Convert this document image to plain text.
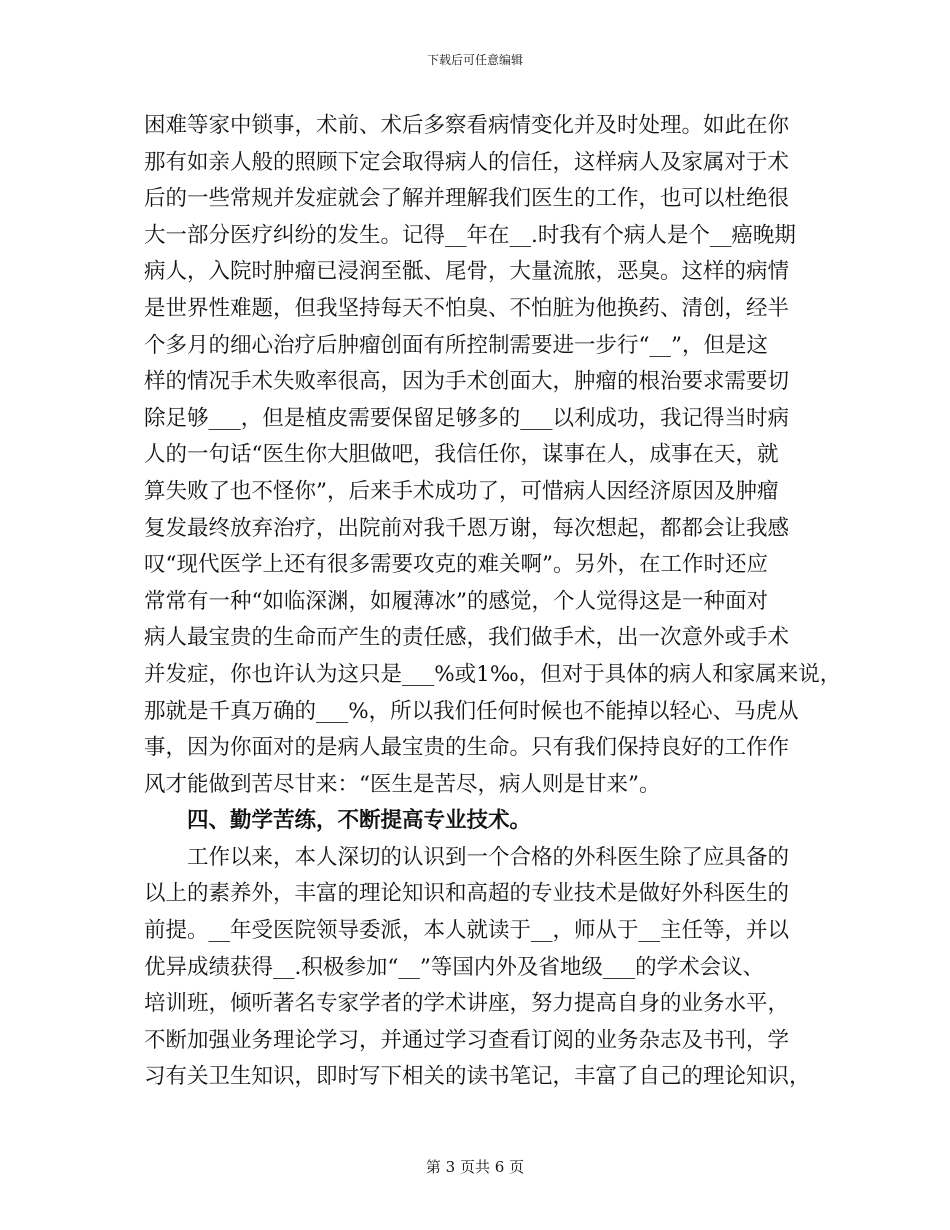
下载后可任意编辑
困难等家中锁事，术前、术后多察看病情变化并及时处理。如此在你
那有如亲人般的照顾下定会取得病人的信任，这样病人及家属对于术
后的一些常规并发症就会了解并理解我们医生的工作，也可以杜绝很
大一部分医疗纠纷的发生。记得__年在__.时我有个病人是个__癌晚期
病人，入院时肿瘤已浸润至骶、尾骨，大量流脓，恶臭。这样的病情
是世界性难题，但我坚持每天不怕臭、不怕脏为他换药、清创，经半
个多月的细心治疗后肿瘤创面有所控制需要进一步行“__”，但是这
样的情况手术失败率很高，因为手术创面大，肿瘤的根治要求需要切
除足够___，但是植皮需要保留足够多的___以利成功，我记得当时病
人的一句话“医生你大胆做吧，我信任你，谋事在人，成事在天，就
算失败了也不怪你”，后来手术成功了，可惜病人因经济原因及肿瘤
复发最终放弃治疗，出院前对我千恩万谢，每次想起，都都会让我感
叹“现代医学上还有很多需要攻克的难关啊”。另外，在工作时还应
常常有一种“如临深渊，如履薄冰”的感觉，个人觉得这是一种面对
病人最宝贵的生命而产生的责任感，我们做手术，出一次意外或手术
并发症，你也许认为这只是___%或1‰，但对于具体的病人和家属来说，
那就是千真万确的___%，所以我们任何时候也不能掉以轻心、马虎从
事，因为你面对的是病人最宝贵的生命。只有我们保持良好的工作作
风才能做到苦尽甘来：“医生是苦尽，病人则是甘来”。
四、勤学苦练，不断提高专业技术。
工作以来，本人深切的认识到一个合格的外科医生除了应具备的
以上的素养外，丰富的理论知识和高超的专业技术是做好外科医生的
前提。__年受医院领导委派，本人就读于__，师从于__主任等，并以
优异成绩获得__.积极参加“__”等国内外及省地级___的学术会议、
培训班，倾听著名专家学者的学术讲座，努力提高自身的业务水平，
不断加强业务理论学习，并通过学习查看订阅的业务杂志及书刊，学
习有关卫生知识，即时写下相关的读书笔记，丰富了自己的理论知识，
第 3 页共 6 页
